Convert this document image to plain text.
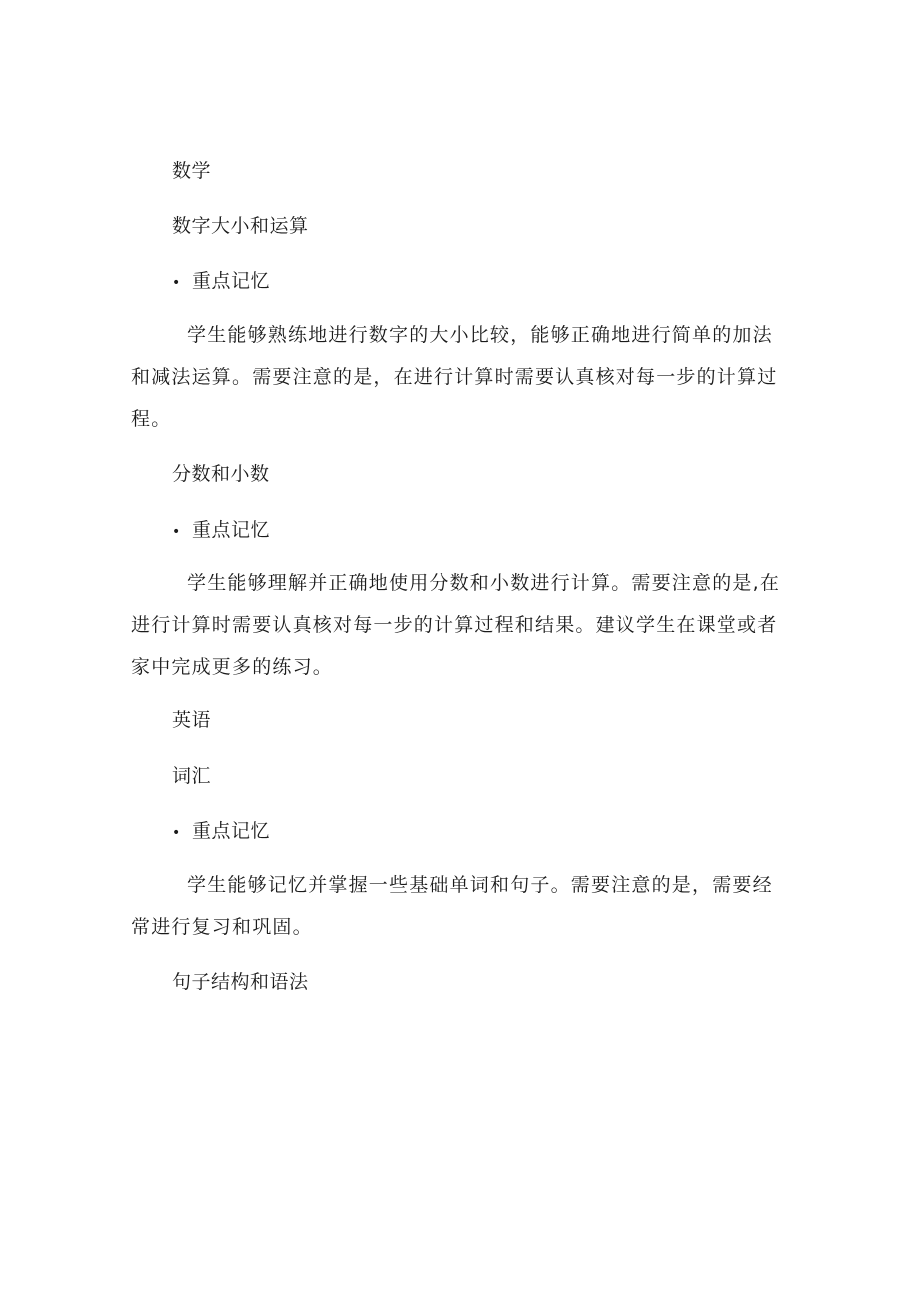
数学
数字大小和运算
• 重点记忆
学生能够熟练地进行数字的大小比较，能够正确地进行简单的加法和减法运算。需要注意的是，在进行计算时需要认真核对每一步的计算过程。
分数和小数
• 重点记忆
学生能够理解并正确地使用分数和小数进行计算。需要注意的是,在进行计算时需要认真核对每一步的计算过程和结果。建议学生在课堂或者家中完成更多的练习。
英语
词汇
• 重点记忆
学生能够记忆并掌握一些基础单词和句子。需要注意的是，需要经常进行复习和巩固。
句子结构和语法
